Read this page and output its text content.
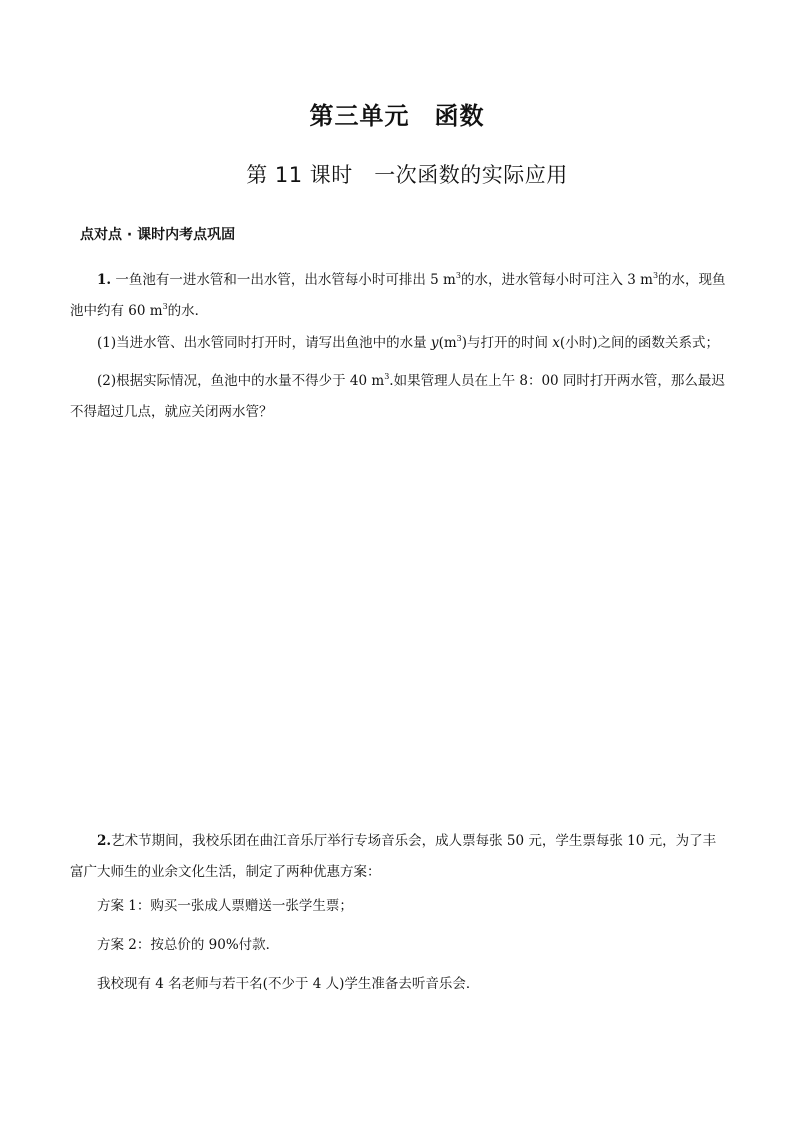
第三单元　函数
第 11 课时　一次函数的实际应用
点对点 · 课时内考点巩固

1. 一鱼池有一进水管和一出水管，出水管每小时可排出 5 $m^3$的水，进水管每小时可注入 3 $m^3$的水，现鱼池中约有 60 $m^3$的水．

(1)当进水管、出水管同时打开时，请写出鱼池中的水量 $y(m^3)$与打开的时间 x(小时)之间的函数关系式；

(2)根据实际情况，鱼池中的水量不得少于 40 $m^3$.如果管理人员在上午 8：00 同时打开两水管，那么最迟不得超过几点，就应关闭两水管？

2.艺术节期间，我校乐团在曲江音乐厅举行专场音乐会，成人票每张 50 元，学生票每张 10 元，为了丰富广大师生的业余文化生活，制定了两种优惠方案：

方案 1：购买一张成人票赠送一张学生票；

方案 2：按总价的 90%付款．

我校现有 4 名老师与若干名(不少于 4 人)学生准备去听音乐会．
